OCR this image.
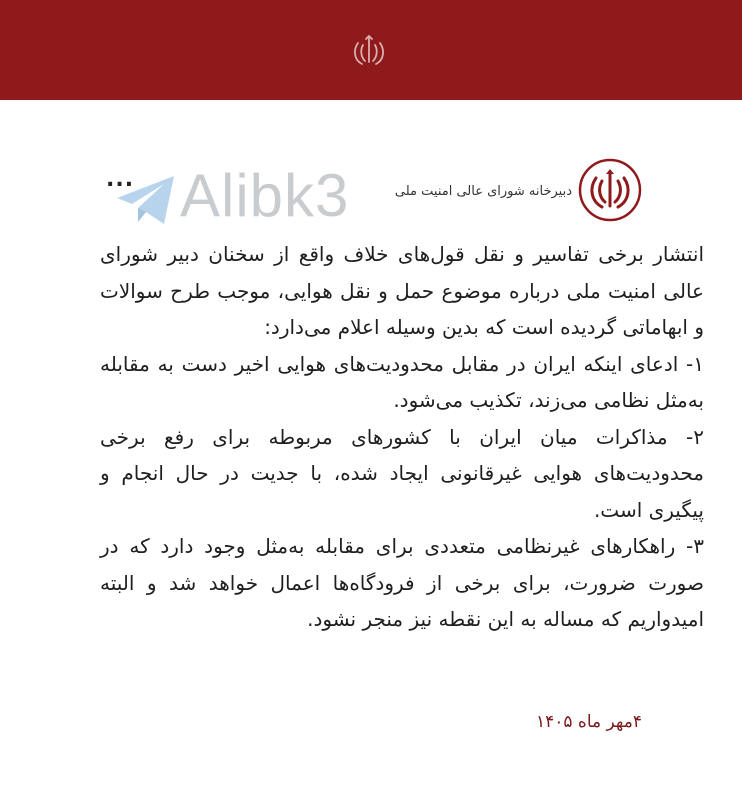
دبیرخانه شورای عالی امنیت ملی
Alibk3
...

انتشار برخی تفاسیر و نقل قول‌های خلاف واقع از سخنان دبیر شورای عالی امنیت ملی درباره موضوع حمل و نقل هوایی، موجب طرح سوالات و ابهاماتی گردیده است که بدین وسیله اعلام می‌دارد:

۱- ادعای اینکه ایران در مقابل محدودیت‌های هوایی اخیر دست به مقابله به‌مثل نظامی می‌زند، تکذیب می‌شود.

۲- مذاکرات میان ایران با کشورهای مربوطه برای رفع برخی محدودیت‌های هوایی غیرقانونی ایجاد شده، با جدیت در حال انجام و پیگیری است.

۳- راهکارهای غیرنظامی متعددی برای مقابله به‌مثل وجود دارد که در صورت ضرورت، برای برخی از فرودگاه‌ها اعمال خواهد شد و البته امیدواریم که مساله به این نقطه نیز منجر نشود.

۴مهر ماه ۱۴۰۵
